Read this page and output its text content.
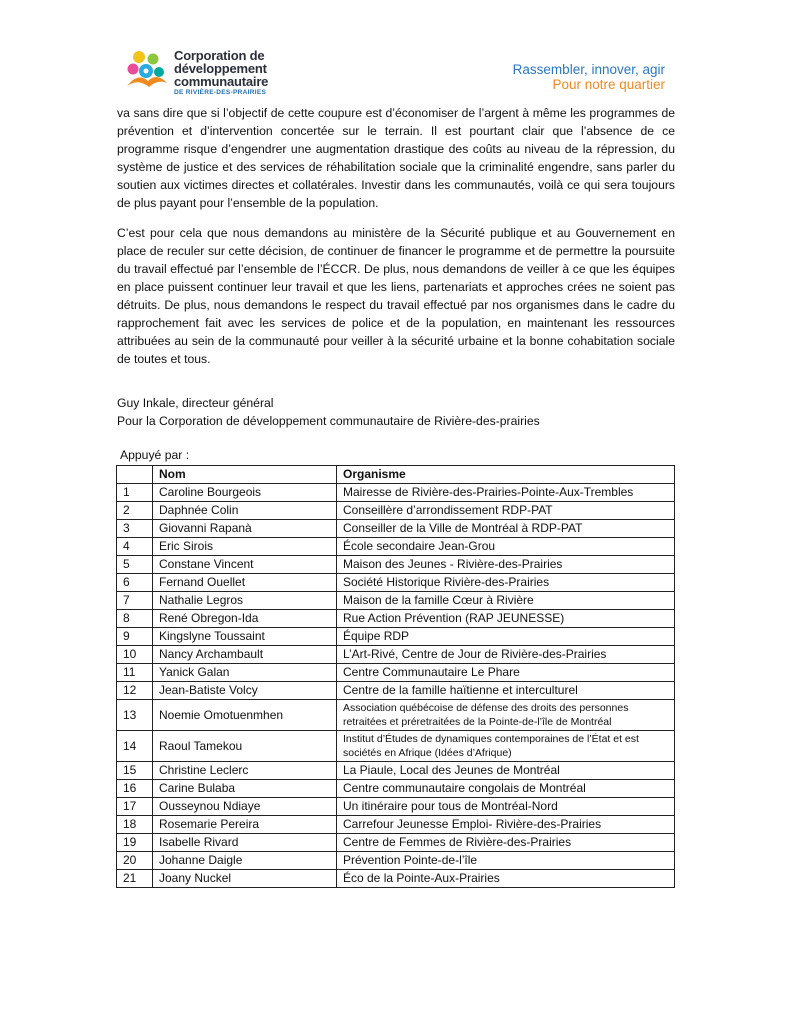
Corporation de
développement
communautaire
DE RIVIÈRE-DES-PRAIRIES
Rassembler, innover, agir
Pour notre quartier

va sans dire que si l’objectif de cette coupure est d’économiser de l’argent à même les programmes de prévention et d’intervention concertée sur le terrain. Il est pourtant clair que l’absence de ce programme risque d’engendrer une augmentation drastique des coûts au niveau de la répression, du système de justice et des services de réhabilitation sociale que la criminalité engendre, sans parler du soutien aux victimes directes et collatérales. Investir dans les communautés, voilà ce qui sera toujours de plus payant pour l’ensemble de la population.

C’est pour cela que nous demandons au ministère de la Sécurité publique et au Gouvernement en place de reculer sur cette décision, de continuer de financer le programme et de permettre la poursuite du travail effectué par l’ensemble de l’ÉCCR. De plus, nous demandons de veiller à ce que les équipes en place puissent continuer leur travail et que les liens, partenariats et approches crées ne soient pas détruits. De plus, nous demandons le respect du travail effectué par nos organismes dans le cadre du rapprochement fait avec les services de police et de la population, en maintenant les ressources attribuées au sein de la communauté pour veiller à la sécurité urbaine et la bonne cohabitation sociale de toutes et tous.

Guy Inkale, directeur général
Pour la Corporation de développement communautaire de Rivière-des-prairies
Appuyé par :
	Nom	Organisme
1	Caroline Bourgeois	Mairesse de Rivière-des-Prairies-Pointe-Aux-Trembles
2	Daphnée Colin	Conseillère d’arrondissement RDP-PAT
3	Giovanni Rapanà	Conseiller de la Ville de Montréal à RDP-PAT
4	Eric Sirois	École secondaire Jean-Grou
5	Constane Vincent	Maison des Jeunes - Rivière-des-Prairies
6	Fernand Ouellet	Société Historique Rivière-des-Prairies
7	Nathalie Legros	Maison de la famille Cœur à Rivière
8	René Obregon-Ida	Rue Action Prévention (RAP JEUNESSE)
9	Kingslyne Toussaint	Équipe RDP
10	Nancy Archambault	L’Art-Rivé, Centre de Jour de Rivière-des-Prairies
11	Yanick Galan	Centre Communautaire Le Phare
12	Jean-Batiste Volcy	Centre de la famille haïtienne et interculturel
13	Noemie Omotuenmhen	Association québécoise de défense des droits des personnes retraitées et préretraitées de la Pointe-de-l’île de Montréal
14	Raoul Tamekou	Institut d’Études de dynamiques contemporaines de l’État et est sociétés en Afrique (Idées d’Afrique)
15	Christine Leclerc	La Piaule, Local des Jeunes de Montréal
16	Carine Bulaba	Centre communautaire congolais de Montréal
17	Ousseynou Ndiaye	Un itinéraire pour tous de Montréal-Nord
18	Rosemarie Pereira	Carrefour Jeunesse Emploi- Rivière-des-Prairies
19	Isabelle Rivard	Centre de Femmes de Rivière-des-Prairies
20	Johanne Daigle	Prévention Pointe-de-l’île
21	Joany Nuckel	Éco de la Pointe-Aux-Prairies
